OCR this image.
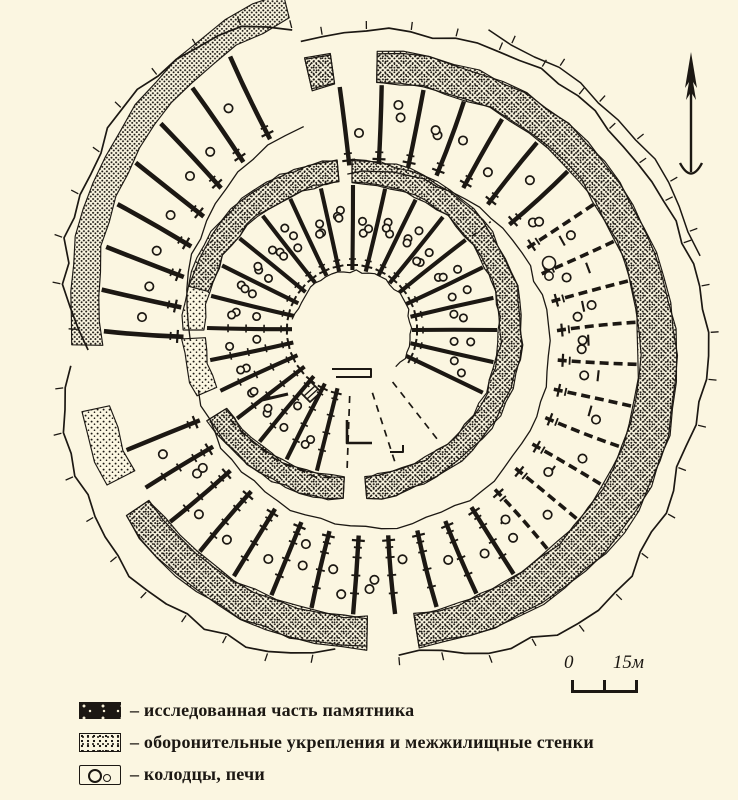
0 15м
– исследованная часть памятника
– оборонительные укрепления и межжилищные стенки
– колодцы, печи
